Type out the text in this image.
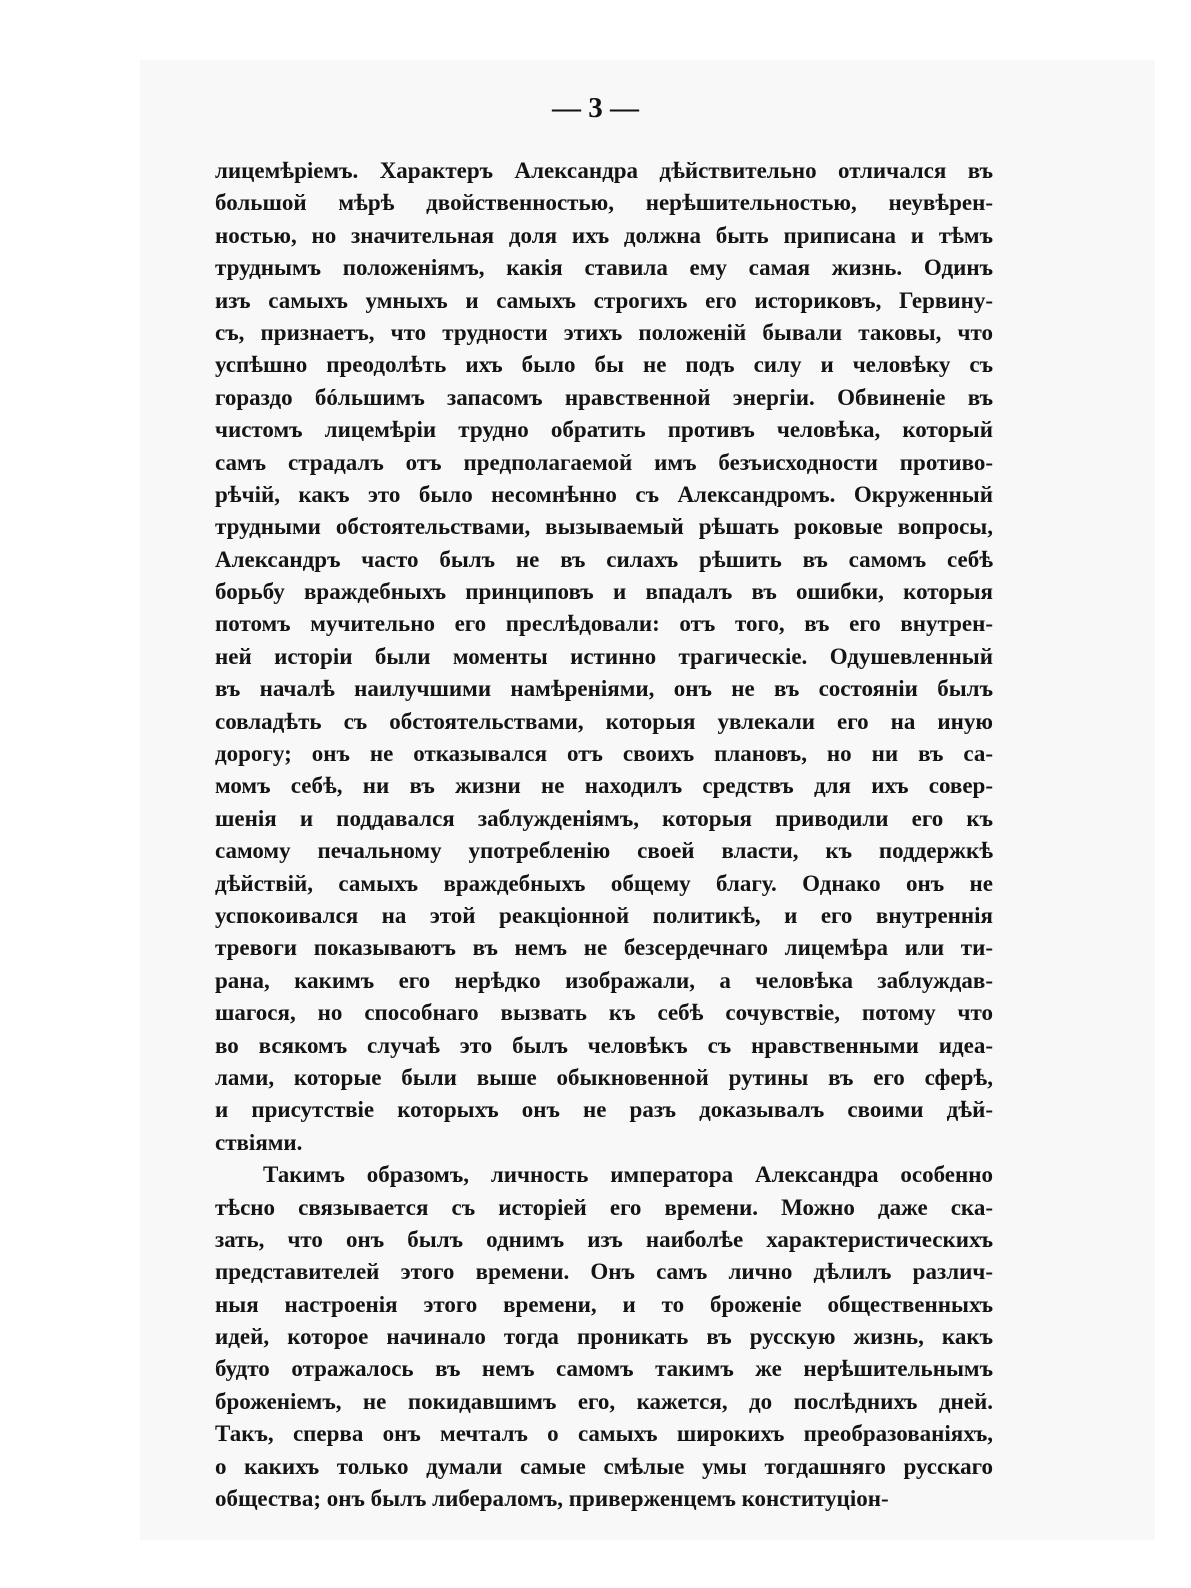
— 3 —
лицемѣріемъ. Характеръ Александра дѣйствительно отличался въ
большой мѣрѣ двойственностью, нерѣшительностью, неувѣрен-
ностью, но значительная доля ихъ должна быть приписана и тѣмъ
труднымъ положеніямъ, какія ставила ему самая жизнь. Одинъ
изъ самыхъ умныхъ и самыхъ строгихъ его историковъ, Гервину-
съ, признаетъ, что трудности этихъ положеній бывали таковы, что
успѣшно преодолѣть ихъ было бы не подъ силу и человѣку съ
гораздо бóльшимъ запасомъ нравственной энергіи. Обвиненіе въ
чистомъ лицемѣріи трудно обратить противъ человѣка, который
самъ страдалъ отъ предполагаемой имъ безъисходности противо-
рѣчій, какъ это было несомнѣнно съ Александромъ. Окруженный
трудными обстоятельствами, вызываемый рѣшать роковые вопросы,
Александръ часто былъ не въ силахъ рѣшить въ самомъ себѣ
борьбу враждебныхъ принциповъ и впадалъ въ ошибки, которыя
потомъ мучительно его преслѣдовали: отъ того, въ его внутрен-
ней исторіи были моменты истинно трагическіе. Одушевленный
въ началѣ наилучшими намѣреніями, онъ не въ состояніи былъ
совладѣть съ обстоятельствами, которыя увлекали его на иную
дорогу; онъ не отказывался отъ своихъ плановъ, но ни въ са-
момъ себѣ, ни въ жизни не находилъ средствъ для ихъ совер-
шенія и поддавался заблужденіямъ, которыя приводили его къ
самому печальному употребленію своей власти, къ поддержкѣ
дѣйствій, самыхъ враждебныхъ общему благу. Однако онъ не
успокоивался на этой реакціонной политикѣ, и его внутреннія
тревоги показываютъ въ немъ не безсердечнаго лицемѣра или ти-
рана, какимъ его нерѣдко изображали, а человѣка заблуждав-
шагося, но способнаго вызвать къ себѣ сочувствіе, потому что
во всякомъ случаѣ это былъ человѣкъ съ нравственными идеа-
лами, которые были выше обыкновенной рутины въ его сферѣ,
и присутствіе которыхъ онъ не разъ доказывалъ своими дѣй-
ствіями.
Такимъ образомъ, личность императора Александра особенно
тѣсно связывается съ исторіей его времени. Можно даже ска-
зать, что онъ былъ однимъ изъ наиболѣе характеристическихъ
представителей этого времени. Онъ самъ лично дѣлилъ различ-
ныя настроенія этого времени, и то броженіе общественныхъ
идей, которое начинало тогда проникать въ русскую жизнь, какъ
будто отражалось въ немъ самомъ такимъ же нерѣшительнымъ
броженіемъ, не покидавшимъ его, кажется, до послѣднихъ дней.
Такъ, сперва онъ мечталъ о самыхъ широкихъ преобразованіяхъ,
о какихъ только думали самые смѣлые умы тогдашняго русскаго
общества; онъ былъ либераломъ, приверженцемъ конституціон-
